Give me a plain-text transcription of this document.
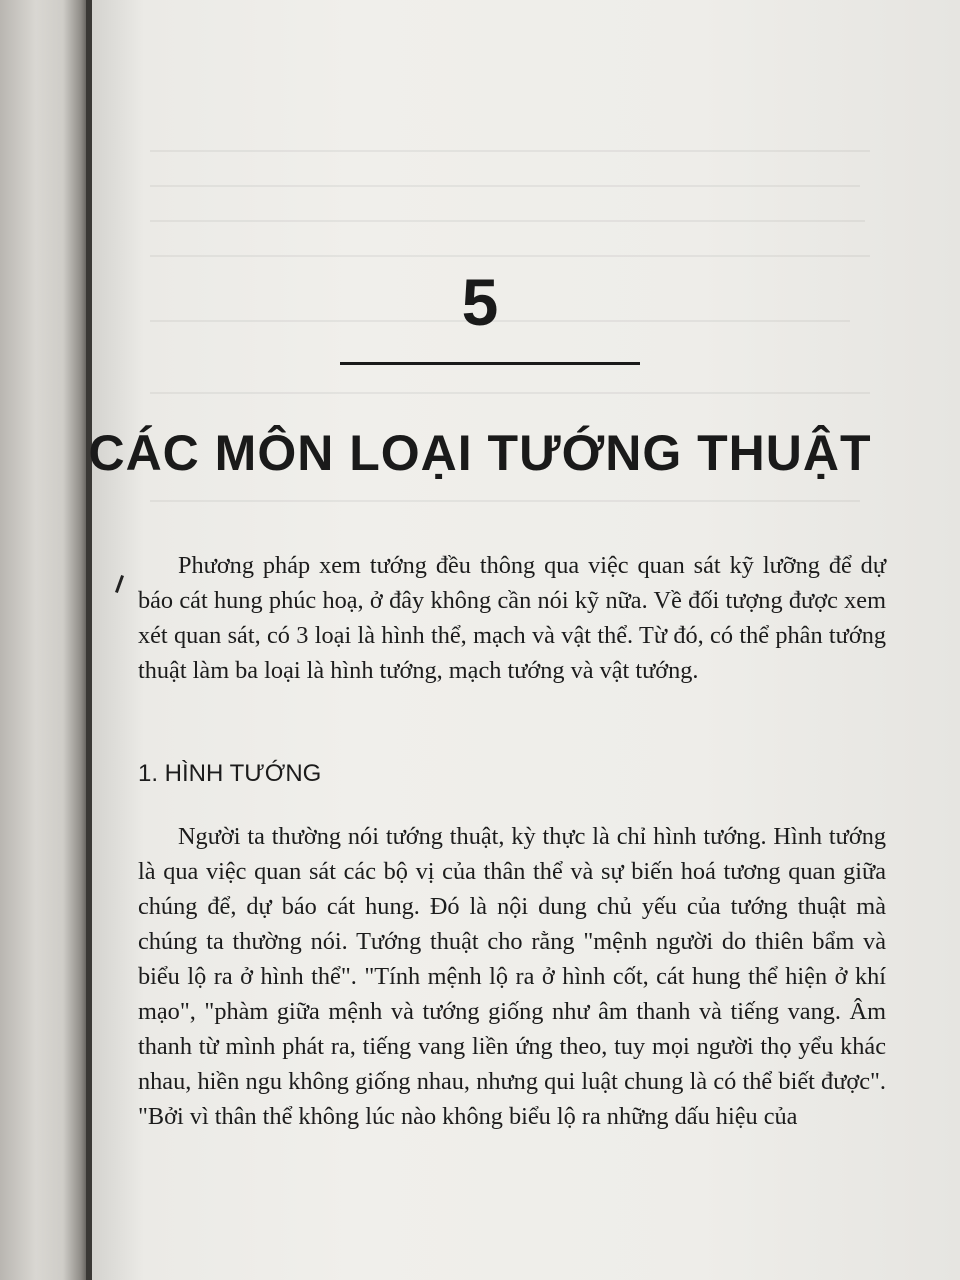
5
CÁC MÔN LOẠI TƯỚNG THUẬT

Phương pháp xem tướng đều thông qua việc quan sát kỹ lưỡng để dự báo cát hung phúc hoạ, ở đây không cần nói kỹ nữa. Về đối tượng được xem xét quan sát, có 3 loại là hình thể, mạch và vật thể. Từ đó, có thể phân tướng thuật làm ba loại là hình tướng, mạch tướng và vật tướng.

1. HÌNH TƯỚNG

Người ta thường nói tướng thuật, kỳ thực là chỉ hình tướng. Hình tướng là qua việc quan sát các bộ vị của thân thể và sự biến hoá tương quan giữa chúng để, dự báo cát hung. Đó là nội dung chủ yếu của tướng thuật mà chúng ta thường nói. Tướng thuật cho rằng "mệnh người do thiên bẩm và biểu lộ ra ở hình thể". "Tính mệnh lộ ra ở hình cốt, cát hung thể hiện ở khí mạo", "phàm giữa mệnh và tướng giống như âm thanh và tiếng vang. Âm thanh từ mình phát ra, tiếng vang liền ứng theo, tuy mọi người thọ yểu khác nhau, hiền ngu không giống nhau, nhưng qui luật chung là có thể biết được". "Bởi vì thân thể không lúc nào không biểu lộ ra những dấu hiệu của
